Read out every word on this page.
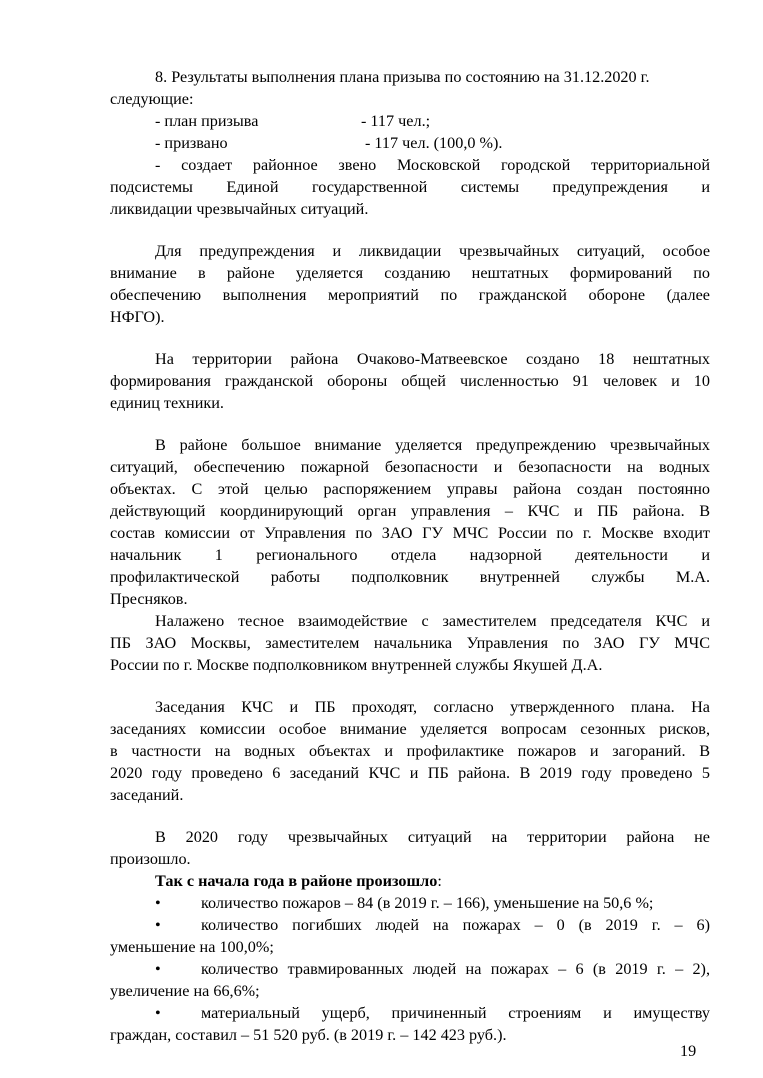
8. Результаты выполнения плана призыва по состоянию на 31.12.2020 г.
следующие:
- план призыва	- 117 чел.;
- призвано	- 117 чел. (100,0 %).
- создает районное звено Московской городской территориальной
подсистемы Единой государственной системы предупреждения и
ликвидации чрезвычайных ситуаций.
Для предупреждения и ликвидации чрезвычайных ситуаций, особое
внимание в районе уделяется созданию нештатных формирований по
обеспечению выполнения мероприятий по гражданской обороне (далее
НФГО).
На территории района Очаково-Матвеевское создано 18 нештатных
формирования гражданской обороны общей численностью 91 человек и 10
единиц техники.
В районе большое внимание уделяется предупреждению чрезвычайных
ситуаций, обеспечению пожарной безопасности и безопасности на водных
объектах. С этой целью распоряжением управы района создан постоянно
действующий координирующий орган управления – КЧС и ПБ района. В
состав комиссии от Управления по ЗАО ГУ МЧС России по г. Москве входит
начальник 1 регионального отдела надзорной деятельности и
профилактической работы подполковник внутренней службы М.А.
Пресняков.
Налажено тесное взаимодействие с заместителем председателя КЧС и
ПБ ЗАО Москвы, заместителем начальника Управления по ЗАО ГУ МЧС
России по г. Москве подполковником внутренней службы Якушей Д.А.
Заседания КЧС и ПБ проходят, согласно утвержденного плана. На
заседаниях комиссии особое внимание уделяется вопросам сезонных рисков,
в частности на водных объектах и профилактике пожаров и загораний. В
2020 году проведено 6 заседаний КЧС и ПБ района. В 2019 году проведено 5
заседаний.
В 2020 году чрезвычайных ситуаций на территории района не
произошло.
Так с начала года в районе произошло:
• количество пожаров – 84 (в 2019 г. – 166), уменьшение на 50,6 %;
• количество погибших людей на пожарах – 0 (в 2019 г. – 6)
уменьшение на 100,0%;
• количество травмированных людей на пожарах – 6 (в 2019 г. – 2),
увеличение на 66,6%;
• материальный ущерб, причиненный строениям и имуществу
граждан, составил – 51 520 руб. (в 2019 г. – 142 423 руб.).
19
